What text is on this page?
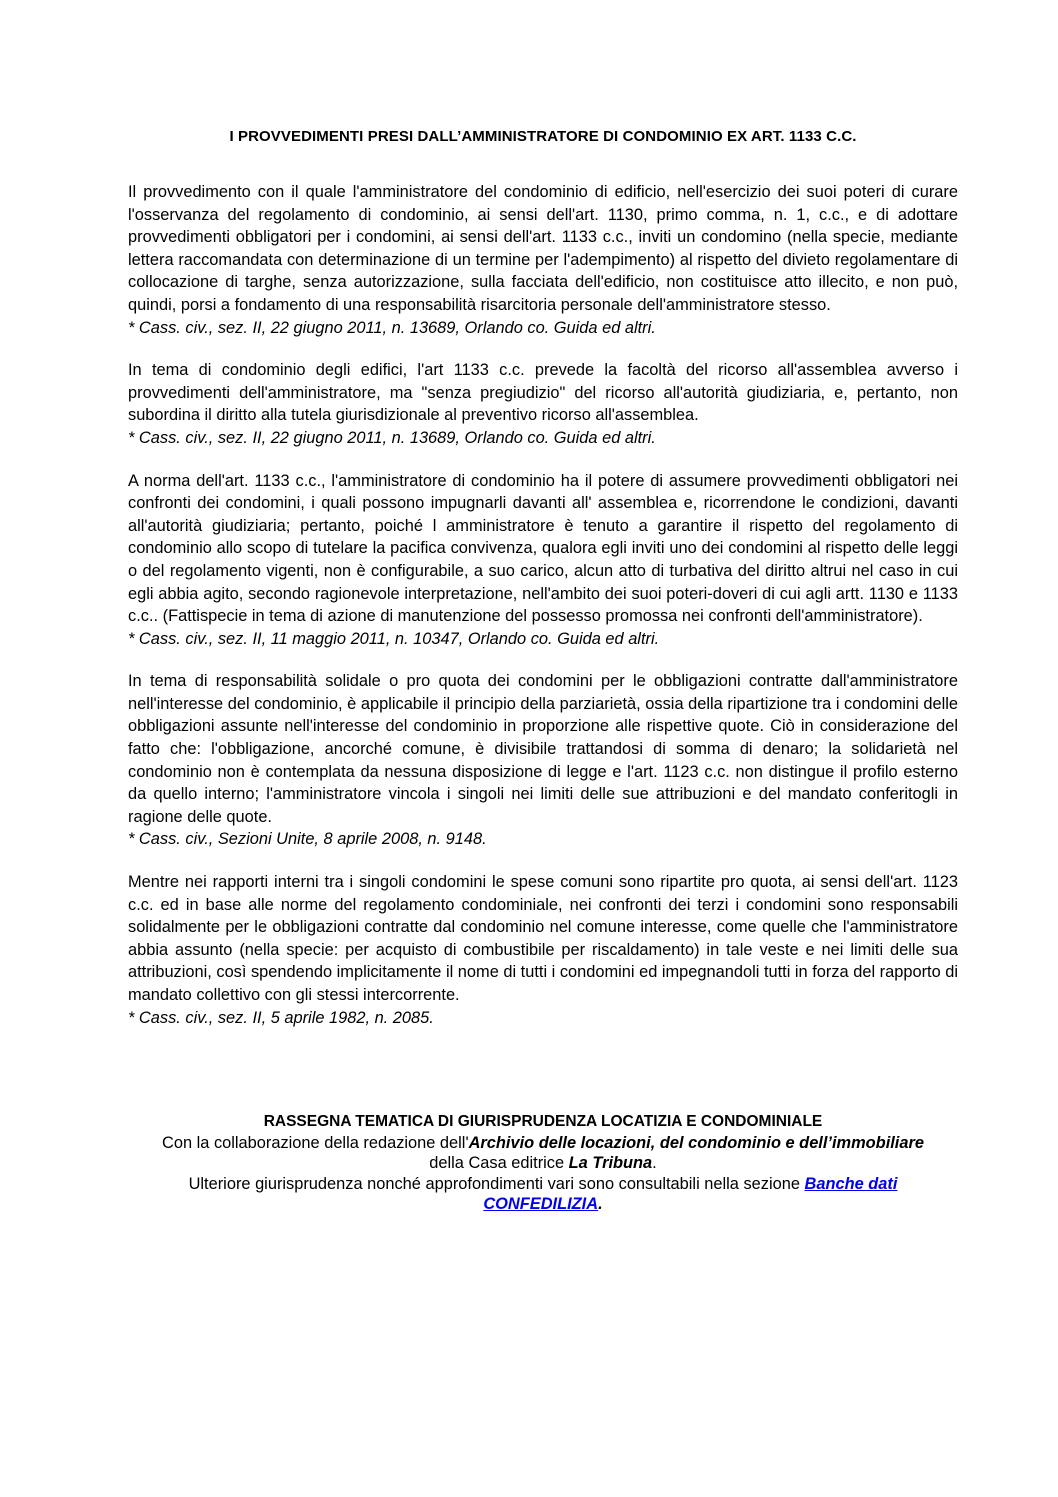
I PROVVEDIMENTI PRESI DALL’AMMINISTRATORE DI CONDOMINIO EX ART. 1133 C.C.

Il provvedimento con il quale l'amministratore del condominio di edificio, nell'esercizio dei suoi poteri di curare l'osservanza del regolamento di condominio, ai sensi dell'art. 1130, primo comma, n. 1, c.c., e di adottare provvedimenti obbligatori per i condomini, ai sensi dell'art. 1133 c.c., inviti un condomino (nella specie, mediante lettera raccomandata con determinazione di un termine per l'adempimento) al rispetto del divieto regolamentare di collocazione di targhe, senza autorizzazione, sulla facciata dell'edificio, non costituisce atto illecito, e non può, quindi, porsi a fondamento di una responsabilità risarcitoria personale dell'amministratore stesso.

* Cass. civ., sez. II, 22 giugno 2011, n. 13689, Orlando co. Guida ed altri.

In tema di condominio degli edifici, l'art 1133 c.c. prevede la facoltà del ricorso all'assemblea avverso i provvedimenti dell'amministratore, ma "senza pregiudizio" del ricorso all'autorità giudiziaria, e, pertanto, non subordina il diritto alla tutela giurisdizionale al preventivo ricorso all'assemblea.

* Cass. civ., sez. II, 22 giugno 2011, n. 13689, Orlando co. Guida ed altri.

A norma dell'art. 1133 c.c., l'amministratore di condominio ha il potere di assumere provvedimenti obbligatori nei confronti dei condomini, i quali possono impugnarli davanti all' assemblea e, ricorrendone le condizioni, davanti all'autorità giudiziaria; pertanto, poiché l amministratore è tenuto a garantire il rispetto del regolamento di condominio allo scopo di tutelare la pacifica convivenza, qualora egli inviti uno dei condomini al rispetto delle leggi o del regolamento vigenti, non è configurabile, a suo carico, alcun atto di turbativa del diritto altrui nel caso in cui egli abbia agito, secondo ragionevole interpretazione, nell'ambito dei suoi poteri-doveri di cui agli artt. 1130 e 1133 c.c.. (Fattispecie in tema di azione di manutenzione del possesso promossa nei confronti dell'amministratore).

* Cass. civ., sez. II, 11 maggio 2011, n. 10347, Orlando co. Guida ed altri.

In tema di responsabilità solidale o pro quota dei condomini per le obbligazioni contratte dall'amministratore nell'interesse del condominio, è applicabile il principio della parziarietà, ossia della ripartizione tra i condomini delle obbligazioni assunte nell'interesse del condominio in proporzione alle rispettive quote. Ciò in considerazione del fatto che: l'obbligazione, ancorché comune, è divisibile trattandosi di somma di denaro; la solidarietà nel condominio non è contemplata da nessuna disposizione di legge e l'art. 1123 c.c. non distingue il profilo esterno da quello interno; l'amministratore vincola i singoli nei limiti delle sue attribuzioni e del mandato conferitogli in ragione delle quote.

* Cass. civ., Sezioni Unite, 8 aprile 2008, n. 9148.

Mentre nei rapporti interni tra i singoli condomini le spese comuni sono ripartite pro quota, ai sensi dell'art. 1123 c.c. ed in base alle norme del regolamento condominiale, nei confronti dei terzi i condomini sono responsabili solidalmente per le obbligazioni contratte dal condominio nel comune interesse, come quelle che l'amministratore abbia assunto (nella specie: per acquisto di combustibile per riscaldamento) in tale veste e nei limiti delle sua attribuzioni, così spendendo implicitamente il nome di tutti i condomini ed impegnandoli tutti in forza del rapporto di mandato collettivo con gli stessi intercorrente.

* Cass. civ., sez. II, 5 aprile 1982, n. 2085.

RASSEGNA TEMATICA DI GIURISPRUDENZA LOCATIZIA E CONDOMINIALE
Con la collaborazione della redazione dell'Archivio delle locazioni, del condominio e dell’immobiliare
della Casa editrice La Tribuna.
Ulteriore giurisprudenza nonché approfondimenti vari sono consultabili nella sezione Banche dati
CONFEDILIZIA.
